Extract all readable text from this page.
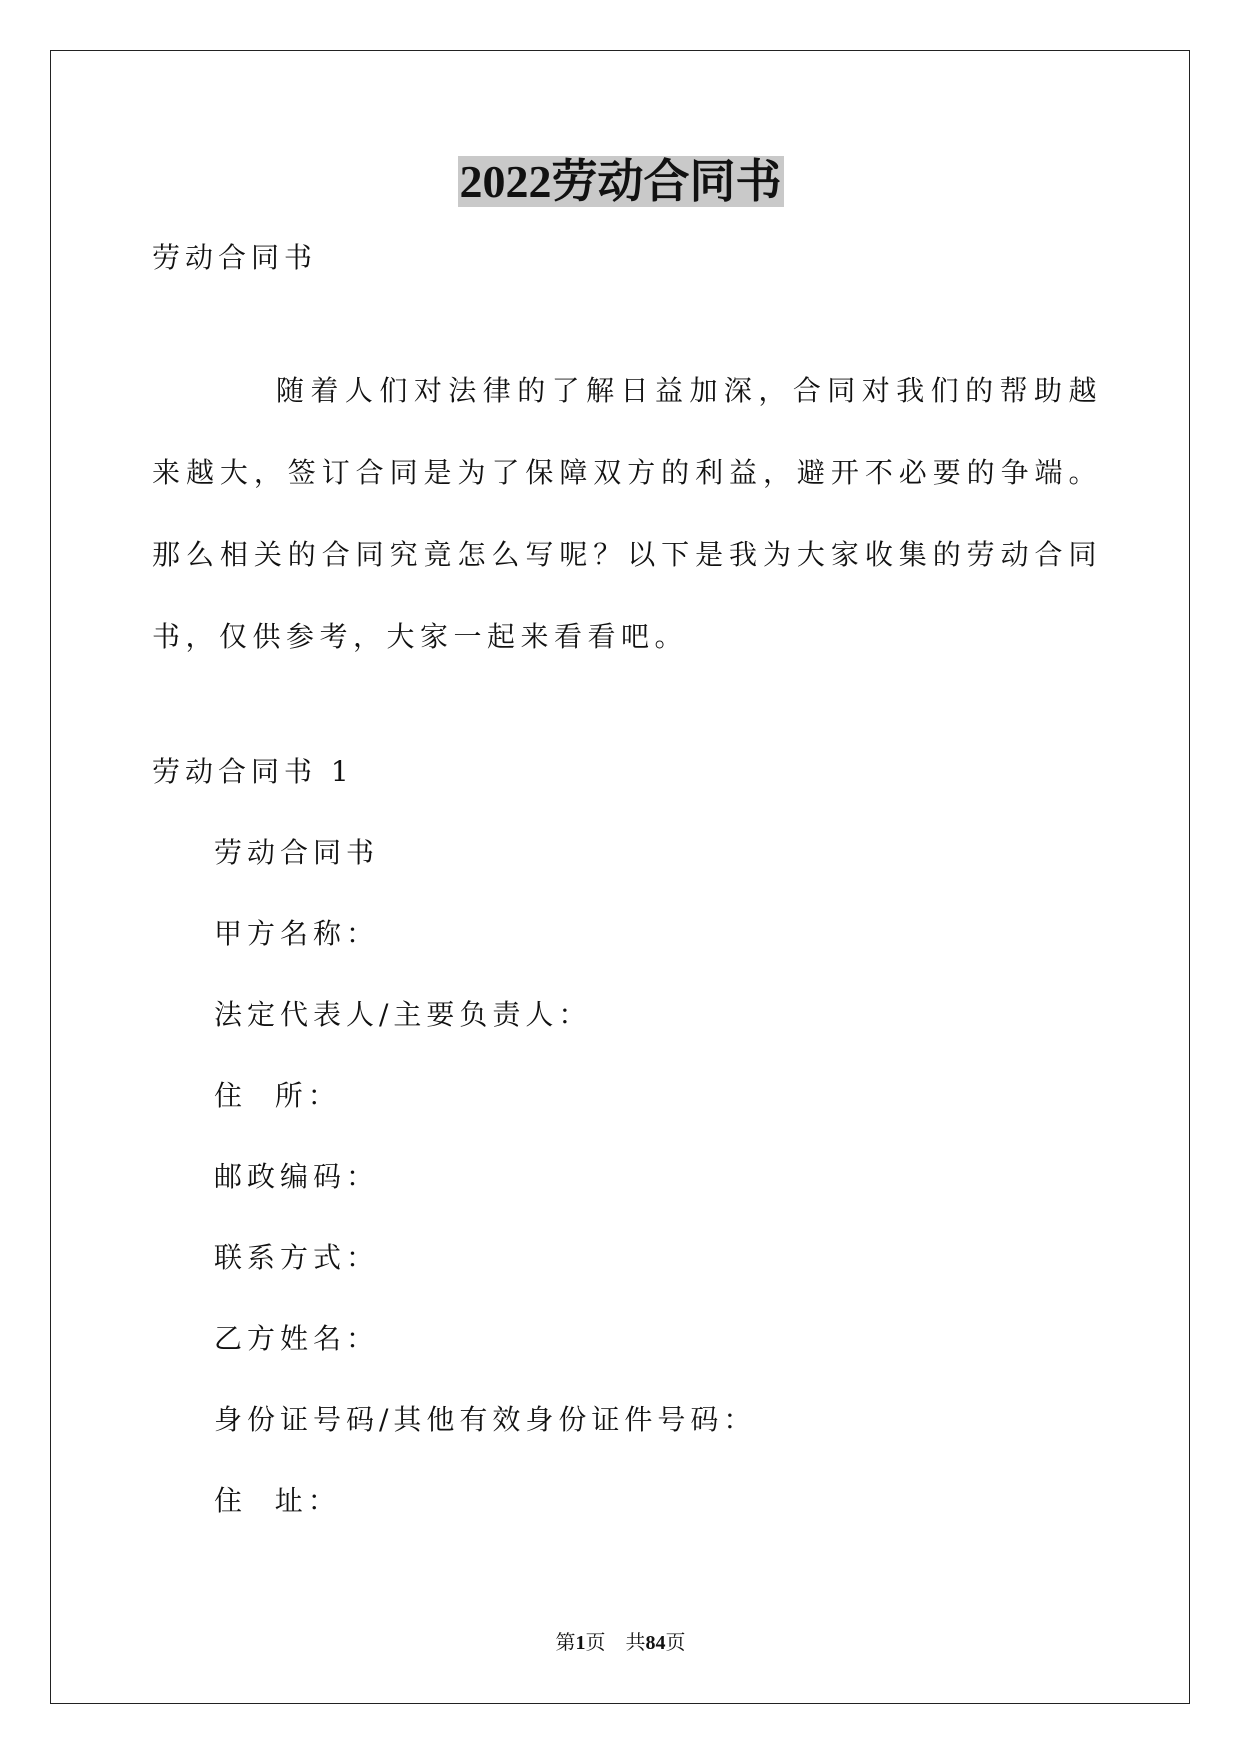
2022劳动合同书
劳动合同书
随着人们对法律的了解日益加深，合同对我们的帮助越来越大，签订合同是为了保障双方的利益，避开不必要的争端。那么相关的合同究竟怎么写呢？以下是我为大家收集的劳动合同书，仅供参考，大家一起来看看吧。
劳动合同书 1
劳动合同书
甲方名称：
法定代表人/主要负责人：
住  所：
邮政编码：
联系方式：
乙方姓名：
身份证号码/其他有效身份证件号码：
住  址：
第1页　共84页
